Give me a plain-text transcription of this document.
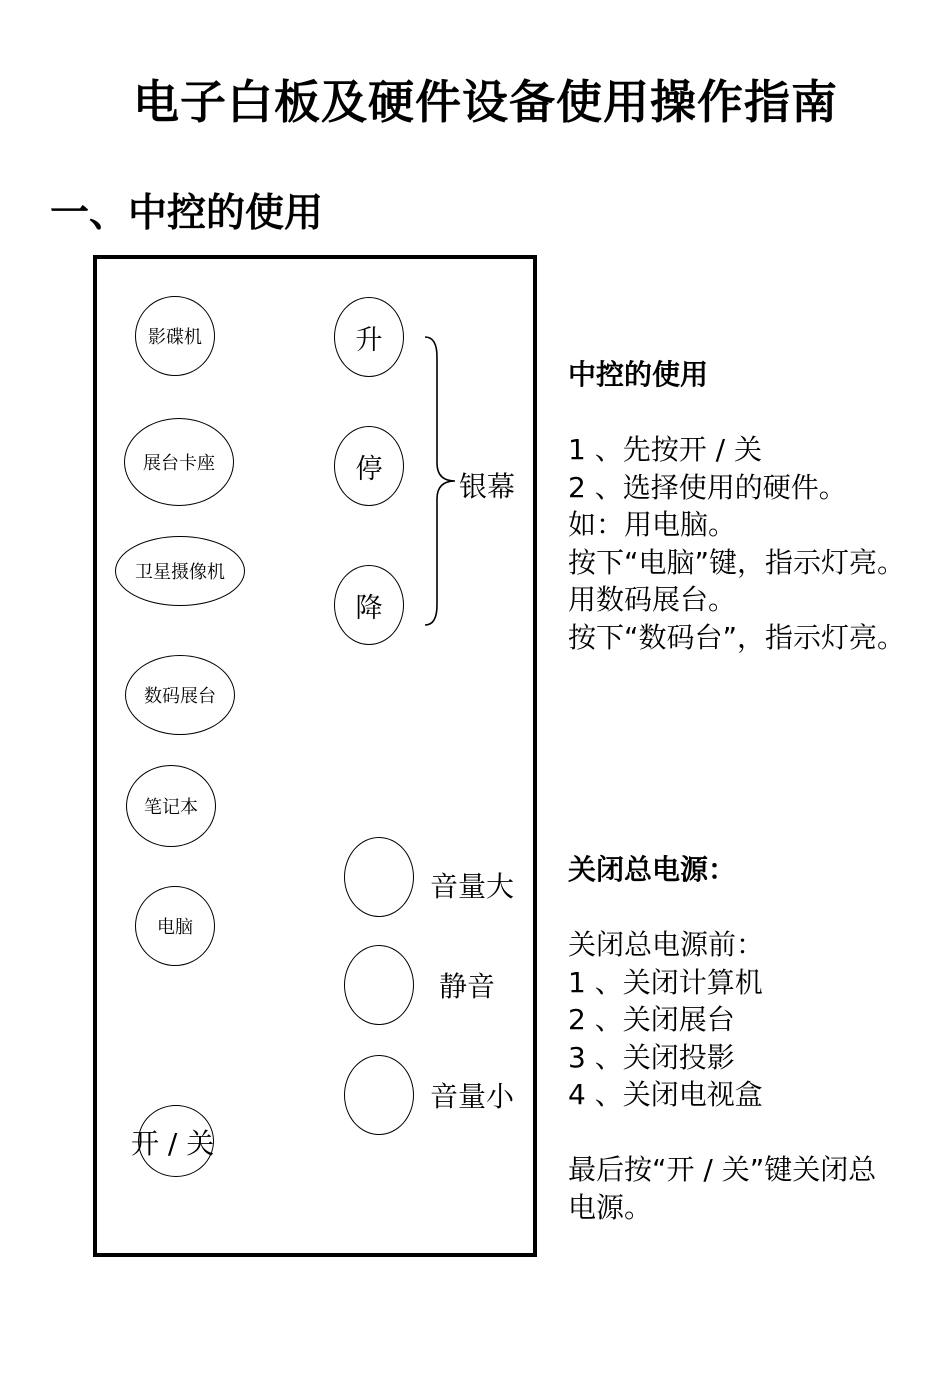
电子白板及硬件设备使用操作指南
一、中控的使用
影碟机
展台卡座
卫星摄像机
数码展台
笔记本
电脑
开 / 关
升
停
降
银幕
音量大
静音
音量小

中控的使用

1 、先按开 / 关

2 、选择使用的硬件。

如：用电脑。

按下“电脑”键，指示灯亮。

用数码展台。

按下“数码台”，指示灯亮。

关闭总电源：

关闭总电源前：

1 、关闭计算机

2 、关闭展台

3 、关闭投影

4 、关闭电视盒

最后按“开 / 关”键关闭总

电源。
